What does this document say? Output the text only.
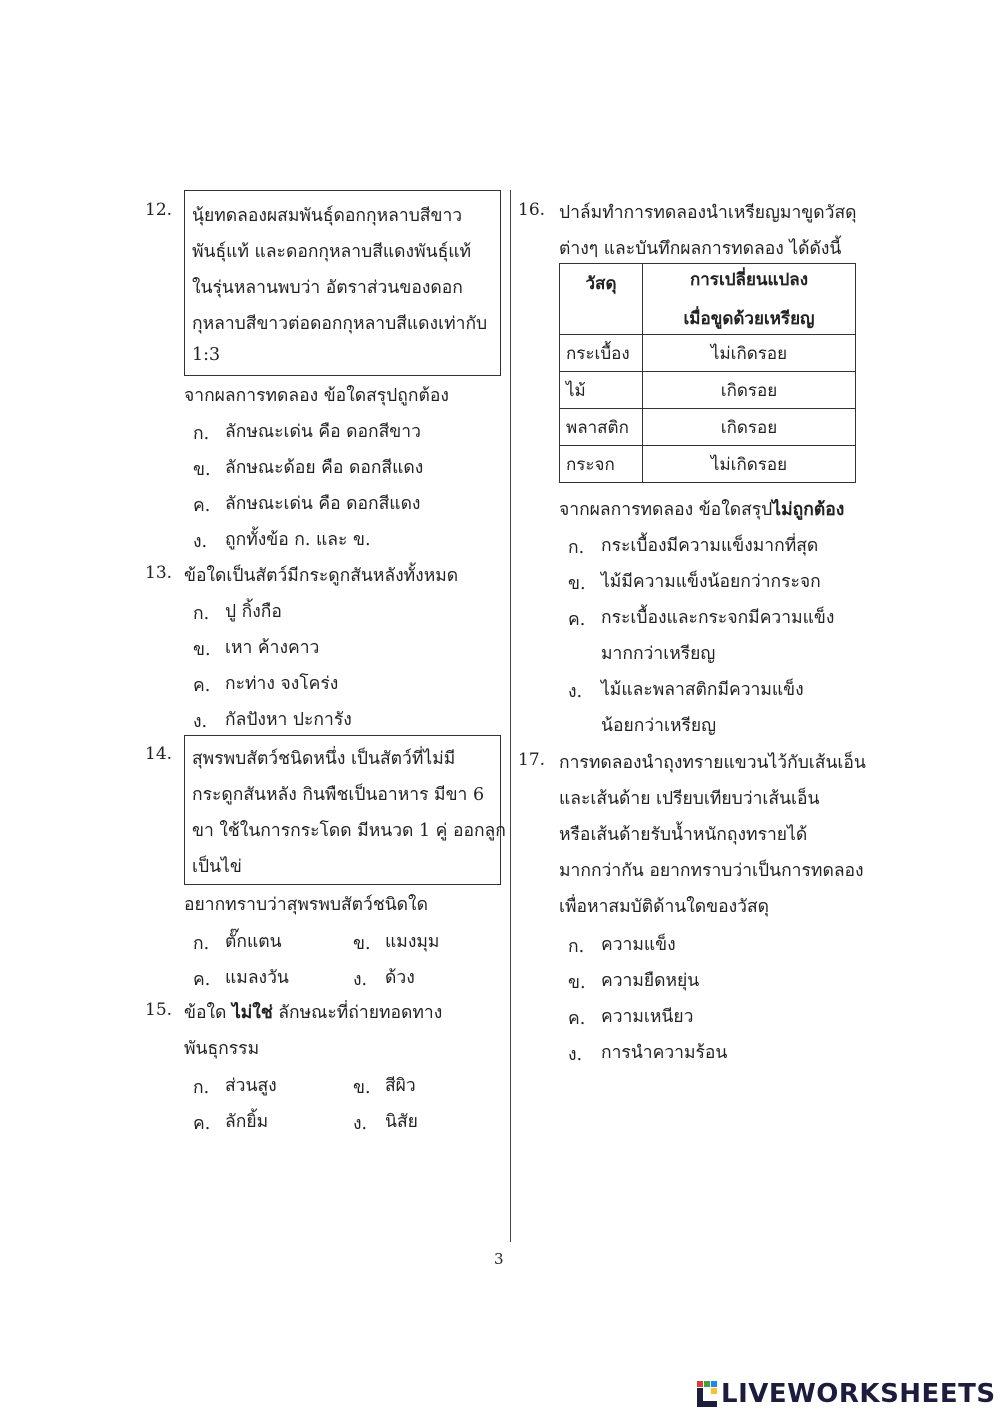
12. นุ้ยทดลองผสมพันธุ์ดอกกุหลาบสีขาว
พันธุ์แท้ และดอกกุหลาบสีแดงพันธุ์แท้
ในรุ่นหลานพบว่า อัตราส่วนของดอก
กุหลาบสีขาวต่อดอกกุหลาบสีแดงเท่ากับ
1:3
จากผลการทดลอง ข้อใดสรุปถูกต้อง
ก. ลักษณะเด่น คือ ดอกสีขาว
ข. ลักษณะด้อย คือ ดอกสีแดง
ค. ลักษณะเด่น คือ ดอกสีแดง
ง.	ถูกทั้งข้อ ก. และ ข.
13. ข้อใดเป็นสัตว์มีกระดูกสันหลังทั้งหมด
ก. ปู กิ้งกือ
ข. เหา ค้างคาว
ค. กะท่าง จงโคร่ง
ง.	กัลปังหา ปะการัง
14. สุพรพบสัตว์ชนิดหนึ่ง เป็นสัตว์ที่ไม่มี
กระดูกสันหลัง กินพืชเป็นอาหาร มีขา 6
ขา ใช้ในการกระโดด มีหนวด 1 คู่ ออกลูก
เป็นไข่
อยากทราบว่าสุพรพบสัตว์ชนิดใด
ก. ตั๊กแตน	ข. แมงมุม
ค. แมลงวัน	ง.	ด้วง
15. ข้อใด ไม่ใช่ ลักษณะที่ถ่ายทอดทาง
พันธุกรรม
ก. ส่วนสูง	ข. สีผิว
ค. ลักยิ้ม	ง.	นิสัย
16. ปาล์มทำการทดลองนำเหรียญมาขูดวัสดุ
ต่างๆ และบันทึกผลการทดลอง ได้ดังนี้
วัสดุ	การเปลี่ยนแปลง
เมื่อขูดด้วยเหรียญ

กระเบื้อง	ไม่เกิดรอย
ไม้	เกิดรอย
พลาสติก	เกิดรอย
กระจก	ไม่เกิดรอย
จากผลการทดลอง ข้อใดสรุปไม่ถูกต้อง
ก. กระเบื้องมีความแข็งมากที่สุด
ข. ไม้มีความแข็งน้อยกว่ากระจก
ค. กระเบื้องและกระจกมีความแข็ง
มากกว่าเหรียญ
ง.	ไม้และพลาสติกมีความแข็ง
น้อยกว่าเหรียญ
17. การทดลองนำถุงทรายแขวนไว้กับเส้นเอ็น
และเส้นด้าย เปรียบเทียบว่าเส้นเอ็น
หรือเส้นด้ายรับน้ำหนักถุงทรายได้
มากกว่ากัน อยากทราบว่าเป็นการทดลอง
เพื่อหาสมบัติด้านใดของวัสดุ
ก. ความแข็ง
ข. ความยืดหยุ่น
ค. ความเหนียว
ง.	การนำความร้อน
3
LIVEWORKSHEETS
